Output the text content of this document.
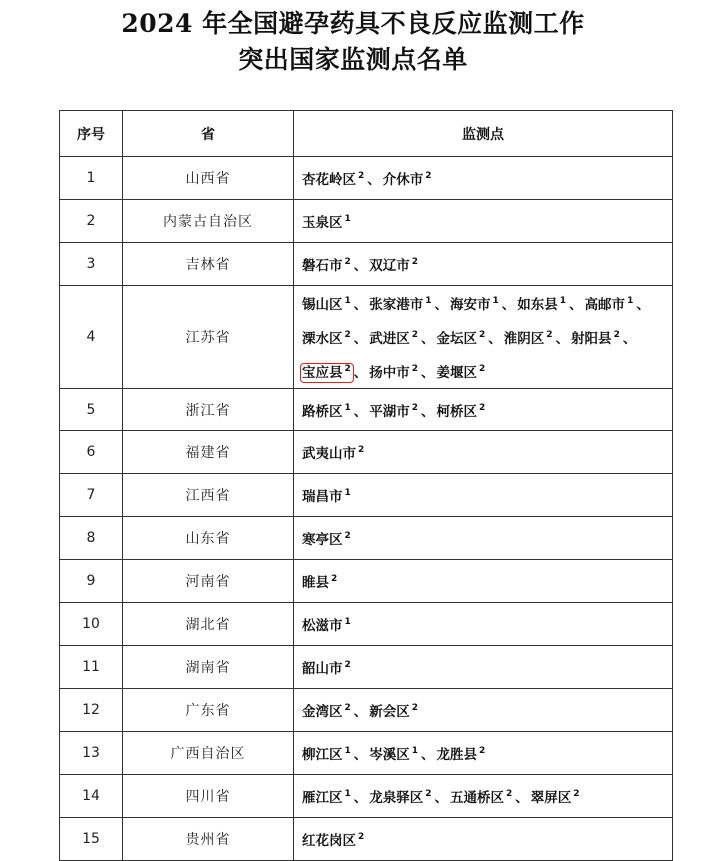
2024 年全国避孕药具不良反应监测工作
突出国家监测点名单
序号	省	监测点
1	山西省	杏花岭区 $^2$ 、 介休市 $^2$
2	内蒙古自治区	玉泉区 $^1$
3	吉林省	磐石市 $^2$ 、 双辽市 $^2$
4	江苏省	锡山区 $^1$ 、 张家港市 $^1$ 、 海安市 $^1$ 、 如东县 $^1$ 、 高邮市 $^1$ 、
溧水区 $^2$ 、 武进区 $^2$ 、 金坛区 $^2$ 、 淮阴区 $^2$ 、 射阳县 $^2$ 、
宝应县 $^2$ 、 扬中市 $^2$ 、 姜堰区 $^2$
5	浙江省	路桥区 $^1$ 、 平湖市 $^2$ 、 柯桥区 $^2$
6	福建省	武夷山市 $^2$
7	江西省	瑞昌市 $^1$
8	山东省	寒亭区 $^2$
9	河南省	睢县 $^2$
10	湖北省	松滋市 $^1$
11	湖南省	韶山市 $^2$
12	广东省	金湾区 $^2$ 、 新会区 $^2$
13	广西自治区	柳江区 $^1$ 、 岑溪区 $^1$ 、 龙胜县 $^2$
14	四川省	雁江区 $^1$ 、 龙泉驿区 $^2$ 、 五通桥区 $^2$ 、 翠屏区 $^2$
15	贵州省	红花岗区 $^2$
